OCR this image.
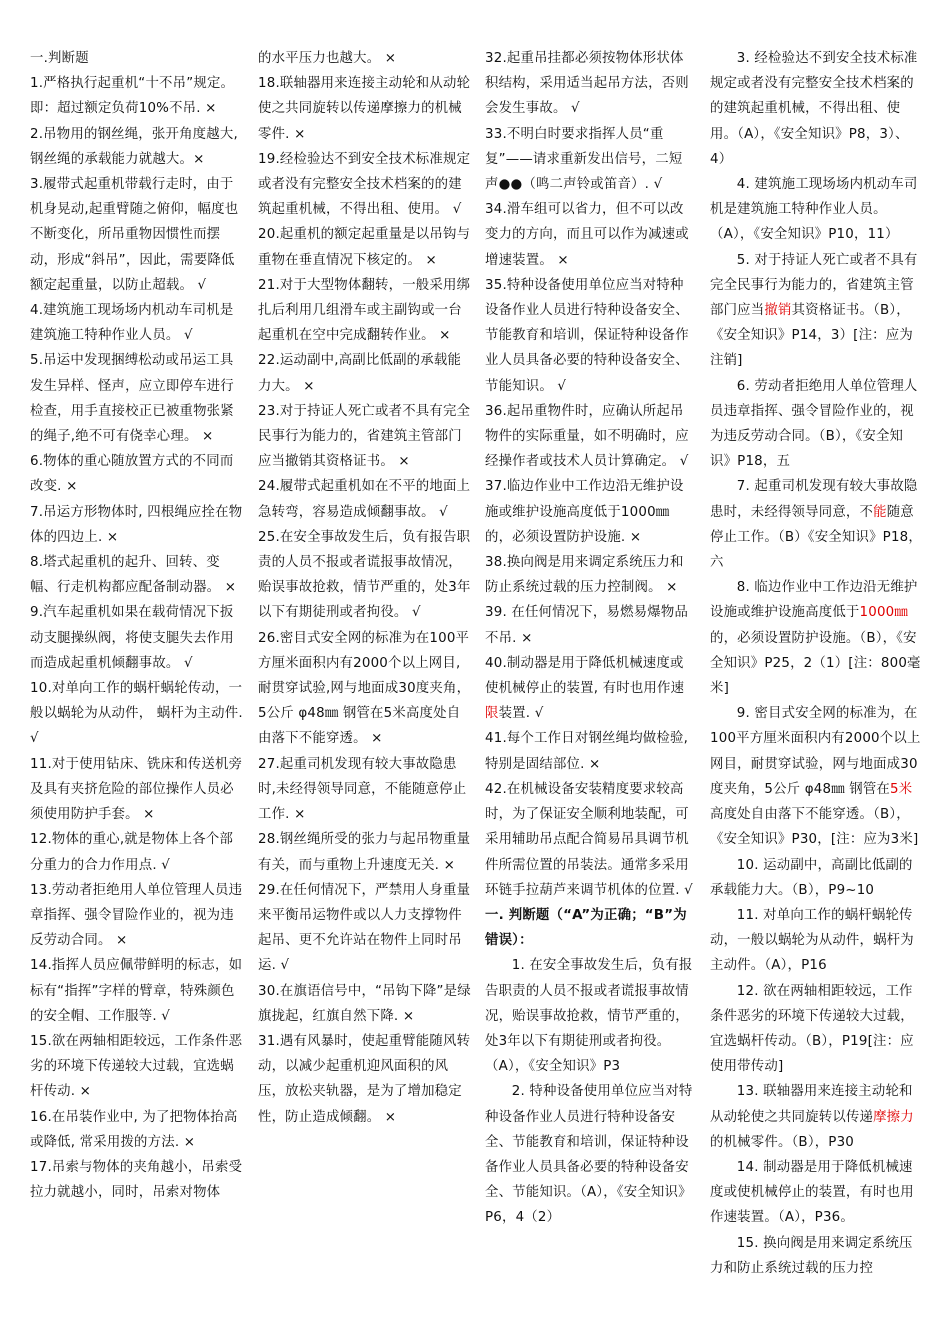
一.判断题

1.严格执行起重机“十不吊”规定。即：超过额定负荷10%不吊. ×

2.吊物用的钢丝绳，张开角度越大,钢丝绳的承载能力就越大。×

3.履带式起重机带载行走时，由于机身晃动,起重臂随之俯仰，幅度也不断变化，所吊重物因惯性而摆动，形成“斜吊”，因此，需要降低额定起重量，以防止超载。 √

4.建筑施工现场场内机动车司机是建筑施工特种作业人员。 √

5.吊运中发现捆缚松动或吊运工具发生异样、怪声，应立即停车进行检查，用手直接校正已被重物张紧的绳子,绝不可有侥幸心理。 ×

6.物体的重心随放置方式的不同而改变. ×

7.吊运方形物体时, 四根绳应拴在物体的四边上. ×

8.塔式起重机的起升、回转、变幅、行走机构都应配备制动器。 ×

9.汽车起重机如果在载荷情况下扳动支腿操纵阀，将使支腿失去作用而造成起重机倾翻事故。 √

10.对单向工作的蜗杆蜗轮传动，一般以蜗轮为从动件， 蜗杆为主动件. √

11.对于使用钻床、铣床和传送机旁及具有夹挤危险的部位操作人员必须使用防护手套。 ×

12.物体的重心,就是物体上各个部分重力的合力作用点. √

13.劳动者拒绝用人单位管理人员违章指挥、强令冒险作业的，视为违反劳动合同。 ×

14.指挥人员应佩带鲜明的标志，如标有“指挥”字样的臂章，特殊颜色的安全帽、工作服等. √

15.欲在两轴相距较远，工作条件恶劣的环境下传递较大过载，宜选蜗杆传动. ×

16.在吊装作业中, 为了把物体抬高或降低, 常采用拨的方法. ×

17.吊索与物体的夹角越小，吊索受拉力就越小，同时，吊索对物体

的水平压力也越大。 ×

18.联轴器用来连接主动轮和从动轮使之共同旋转以传递摩擦力的机械零件. ×

19.经检验达不到安全技术标准规定或者没有完整安全技术档案的的建筑起重机械，不得出租、使用。 √

20.起重机的额定起重量是以吊钩与重物在垂直情况下核定的。 ×

21.对于大型物体翻转，一般采用绑扎后利用几组滑车或主副钩或一台起重机在空中完成翻转作业。 ×

22.运动副中,高副比低副的承载能力大。 ×

23.对于持证人死亡或者不具有完全民事行为能力的，省建筑主管部门应当撤销其资格证书。 ×

24.履带式起重机如在不平的地面上急转弯，容易造成倾翻事故。 √

25.在安全事故发生后，负有报告职责的人员不报或者谎报事故情况，贻误事故抢救，情节严重的，处3年以下有期徒刑或者拘役。 √

26.密目式安全网的标准为在100平方厘米面积内有2000个以上网目,耐贯穿试验,网与地面成30度夹角，5公斤 φ48㎜ 钢管在5米高度处自由落下不能穿透。 ×

27.起重司机发现有较大事故隐患时,未经得领导同意，不能随意停止工作. ×

28.钢丝绳所受的张力与起吊物重量有关，而与重物上升速度无关. ×

29.在任何情况下，严禁用人身重量来平衡吊运物件或以人力支撑物件起吊、更不允许站在物件上同时吊运. √

30.在旗语信号中，“吊钩下降”是绿旗拢起，红旗自然下降. ×

31.遇有风暴时，使起重臂能随风转动，以减少起重机迎风面积的风压，放松夹轨器，是为了增加稳定性，防止造成倾翻。 ×

32.起重吊挂都必须按物体形状体积结构，采用适当起吊方法，否则会发生事故。 √

33.不明白时要求指挥人员“重复”——请求重新发出信号，二短声●●（鸣二声铃或笛音）. √

34.滑车组可以省力，但不可以改变力的方向，而且可以作为减速或增速装置。 ×

35.特种设备使用单位应当对特种设备作业人员进行特种设备安全、节能教育和培训，保证特种设备作业人员具备必要的特种设备安全、节能知识。 √

36.起吊重物件时，应确认所起吊物件的实际重量，如不明确时，应经操作者或技术人员计算确定。 √

37.临边作业中工作边沿无维护设施或维护设施高度低于1000㎜的，必须设置防护设施. ×

38.换向阀是用来调定系统压力和防止系统过载的压力控制阀。 ×

39. 在任何情况下，易燃易爆物品不吊. ×

40.制动器是用于降低机械速度或使机械停止的装置, 有时也用作速限装置. √

41.每个工作日对钢丝绳均做检验, 特别是固结部位. ×

42.在机械设备安装精度要求较高时，为了保证安全顺利地装配，可采用辅助吊点配合简易吊具调节机件所需位置的吊装法。通常多采用环链手拉葫芦来调节机体的位置. √

一. 判断题（“A”为正确；“B”为错误）：

1. 在安全事故发生后，负有报告职责的人员不报或者谎报事故情况，贻误事故抢救，情节严重的，处3年以下有期徒刑或者拘役。（A），《安全知识》P3

2. 特种设备使用单位应当对特种设备作业人员进行特种设备安全、节能教育和培训，保证特种设备作业人员具备必要的特种设备安全、节能知识。（A），《安全知识》P6，4（2）

3. 经检验达不到安全技术标准规定或者没有完整安全技术档案的的建筑起重机械，不得出租、使用。（A），《安全知识》P8，3）、4）

4. 建筑施工现场场内机动车司机是建筑施工特种作业人员。（A），《安全知识》P10，11）

5. 对于持证人死亡或者不具有完全民事行为能力的，省建筑主管部门应当撤销其资格证书。（B），《安全知识》P14，3）[注：应为注销]

6. 劳动者拒绝用人单位管理人员违章指挥、强令冒险作业的，视为违反劳动合同。（B），《安全知识》P18，五

7. 起重司机发现有较大事故隐患时，未经得领导同意，不能随意停止工作。（B）《安全知识》P18，六

8. 临边作业中工作边沿无维护设施或维护设施高度低于1000㎜的，必须设置防护设施。（B），《安全知识》P25，2（1）[注：800毫米]

9. 密目式安全网的标准为，在100平方厘米面积内有2000个以上网目，耐贯穿试验，网与地面成30度夹角，5公斤 φ48㎜ 钢管在5米高度处自由落下不能穿透。（B），《安全知识》P30，[注：应为3米]

10. 运动副中，高副比低副的承载能力大。（B），P9~10

11. 对单向工作的蜗杆蜗轮传动，一般以蜗轮为从动件，蜗杆为主动件。（A），P16

12. 欲在两轴相距较远，工作条件恶劣的环境下传递较大过载，宜选蜗杆传动。（B），P19[注：应使用带传动]

13. 联轴器用来连接主动轮和从动轮使之共同旋转以传递摩擦力的机械零件。（B），P30

14. 制动器是用于降低机械速度或使机械停止的装置，有时也用作速装置。（A），P36。

15. 换向阀是用来调定系统压力和防止系统过载的压力控
